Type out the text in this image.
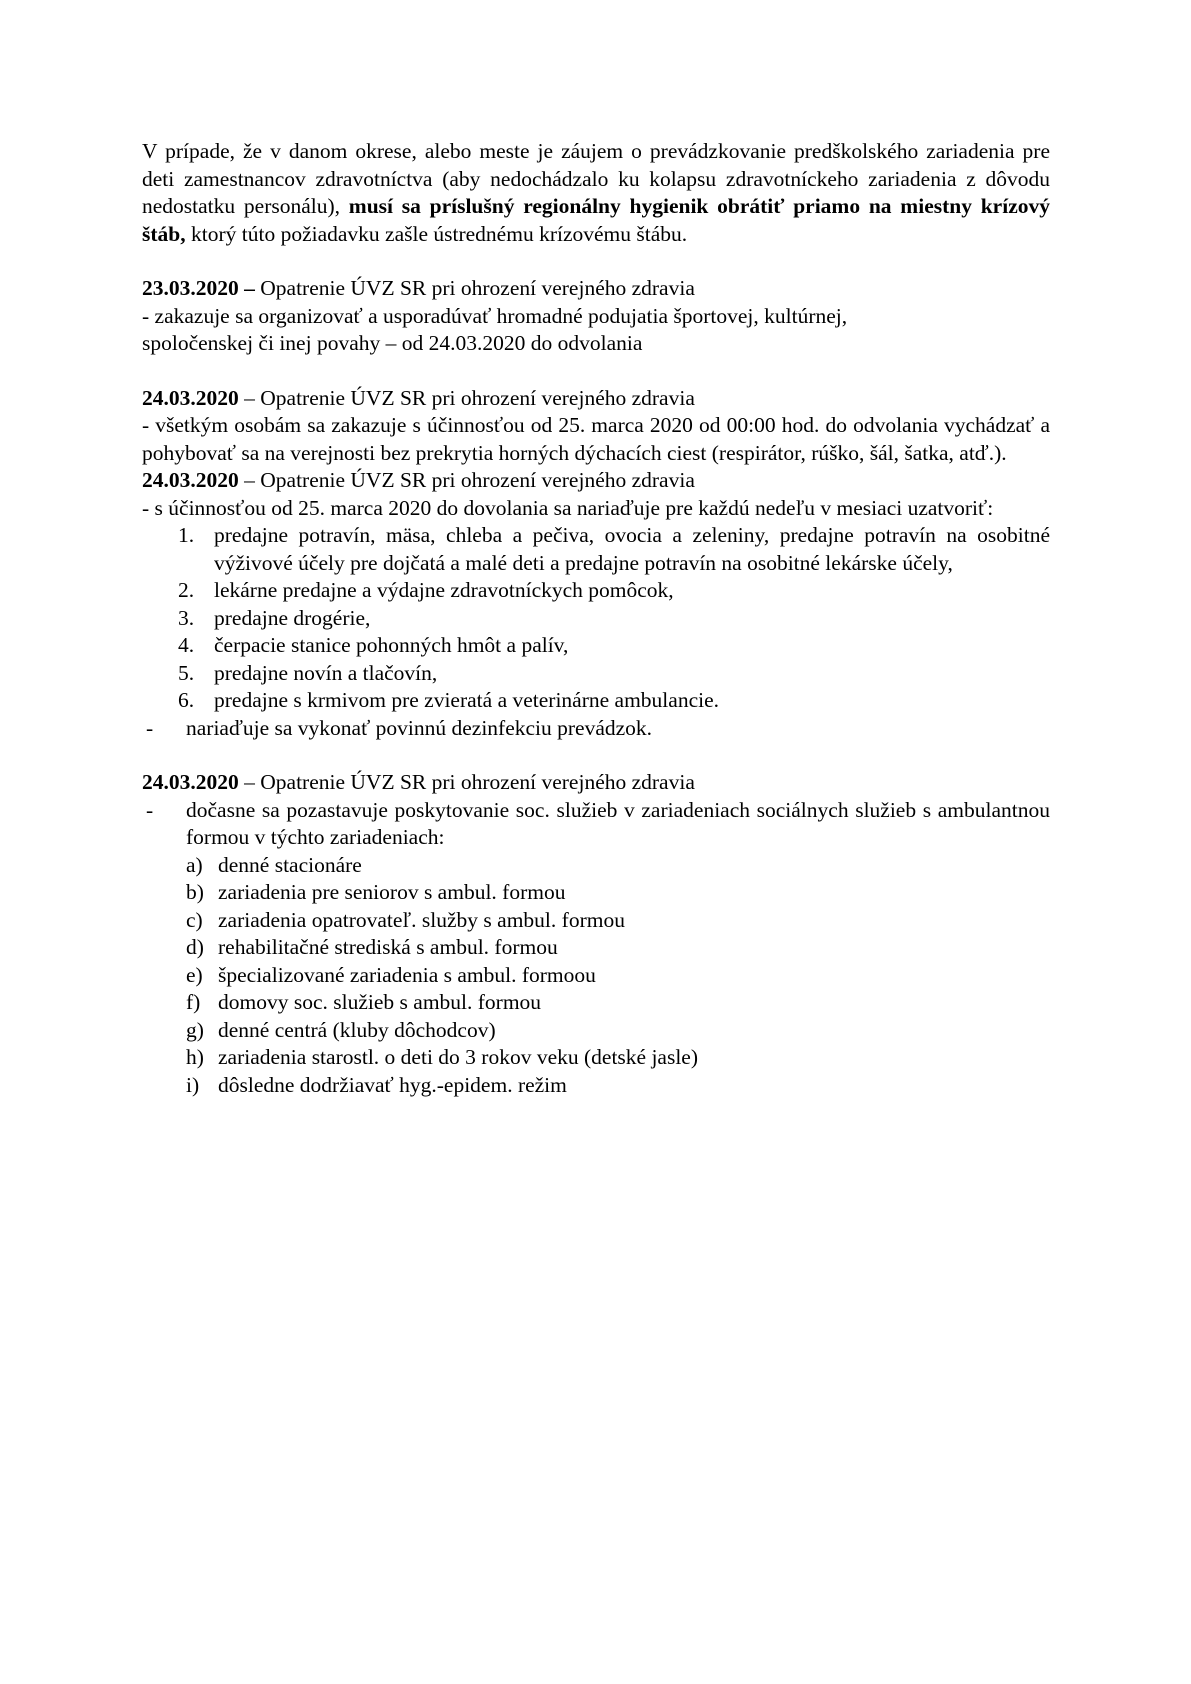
V prípade, že v danom okrese, alebo meste je záujem o prevádzkovanie predškolského zariadenia pre deti zamestnancov zdravotníctva (aby nedochádzalo ku kolapsu zdravotníckeho zariadenia z dôvodu nedostatku personálu), musí sa príslušný regionálny hygienik obrátiť priamo na miestny krízový štáb, ktorý túto požiadavku zašle ústrednému krízovému štábu.

23.03.2020 – Opatrenie ÚVZ SR pri ohrození verejného zdravia

- zakazuje sa organizovať a usporadúvať hromadné podujatia športovej, kultúrnej,

spoločenskej či inej povahy – od 24.03.2020 do odvolania

24.03.2020 – Opatrenie ÚVZ SR pri ohrození verejného zdravia

- všetkým osobám sa zakazuje s účinnosťou od 25. marca 2020 od 00:00 hod. do odvolania vychádzať a pohybovať sa na verejnosti bez prekrytia horných dýchacích ciest (respirátor, rúško, šál, šatka, atď.).

24.03.2020 – Opatrenie ÚVZ SR pri ohrození verejného zdravia

- s účinnosťou od 25. marca 2020 do dovolania sa nariaďuje pre každú nedeľu v mesiaci uzatvoriť:

1. predajne potravín, mäsa, chleba a pečiva, ovocia a zeleniny, predajne potravín na osobitné výživové účely pre dojčatá a malé deti a predajne potravín na osobitné lekárske účely,
2. lekárne predajne a výdajne zdravotníckych pomôcok,
3. predajne drogérie,
4. čerpacie stanice pohonných hmôt a palív,
5. predajne novín a tlačovín,
6. predajne s krmivom pre zvieratá a veterinárne ambulancie.

- nariaďuje sa vykonať povinnú dezinfekciu prevádzok.

24.03.2020 – Opatrenie ÚVZ SR pri ohrození verejného zdravia

- dočasne sa pozastavuje poskytovanie soc. služieb v zariadeniach sociálnych služieb s ambulantnou formou v týchto zariadeniach:

a) denné stacionáre
b) zariadenia pre seniorov s ambul. formou
c) zariadenia opatrovateľ. služby s ambul. formou
d) rehabilitačné strediská s ambul. formou
e) špecializované zariadenia s ambul. formoou
f) domovy soc. služieb s ambul. formou
g) denné centrá (kluby dôchodcov)
h) zariadenia starostl. o deti do 3 rokov veku (detské jasle)
i) dôsledne dodržiavať hyg.-epidem. režim
